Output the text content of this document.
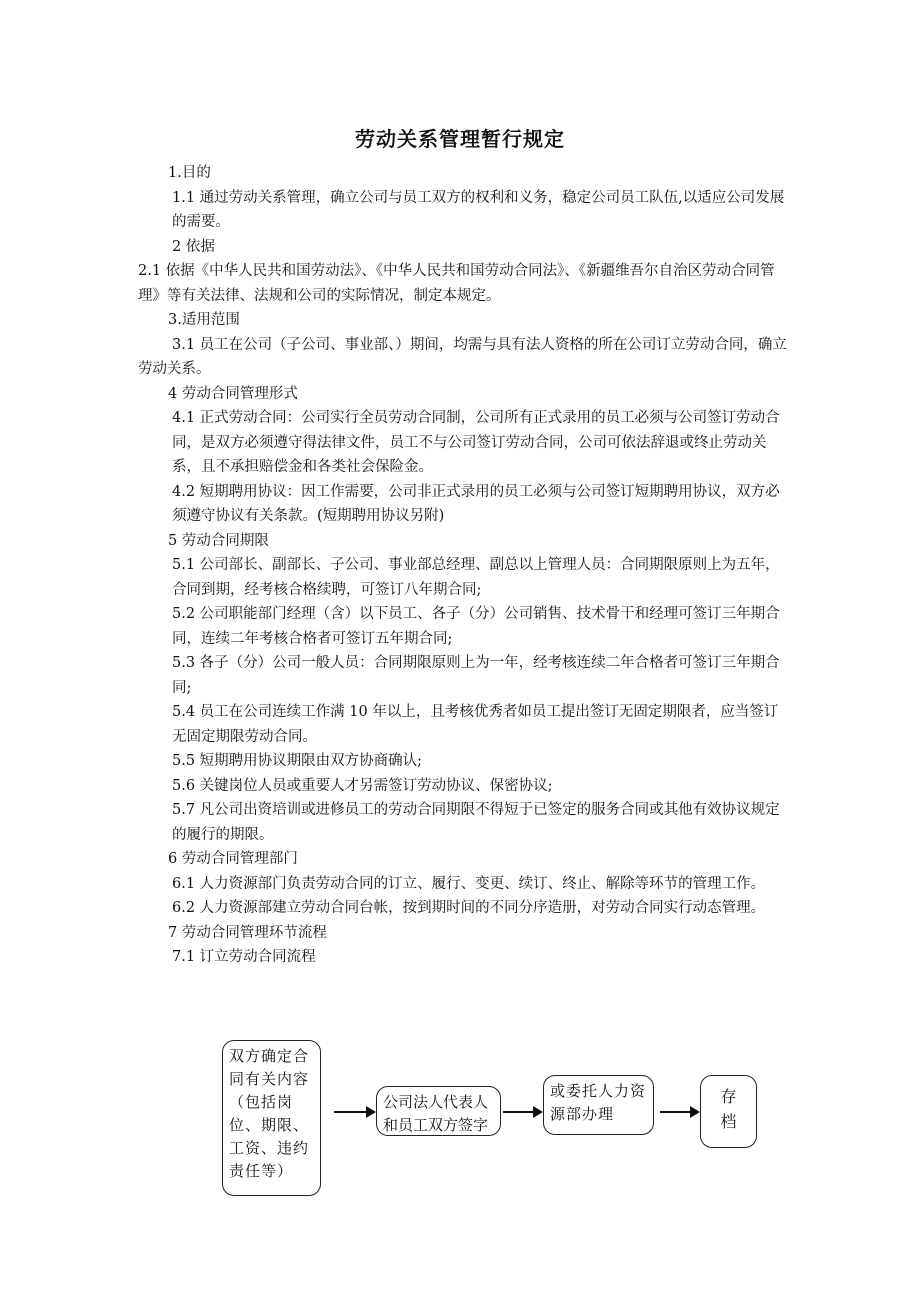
劳动关系管理暂行规定

1.目的

1.1 通过劳动关系管理，确立公司与员工双方的权利和义务，稳定公司员工队伍,以适应公司发展的需要。

2 依据

2.1 依据《中华人民共和国劳动法》、《中华人民共和国劳动合同法》、《新疆维吾尔自治区劳动合同管理》等有关法律、法规和公司的实际情况，制定本规定。

3.适用范围

3.1 员工在公司（子公司、事业部、）期间，均需与具有法人资格的所在公司订立劳动合同，确立劳动关系。

4 劳动合同管理形式

4.1 正式劳动合同：公司实行全员劳动合同制，公司所有正式录用的员工必须与公司签订劳动合同，是双方必须遵守得法律文件，员工不与公司签订劳动合同，公司可依法辞退或终止劳动关系，且不承担赔偿金和各类社会保险金。

4.2 短期聘用协议：因工作需要，公司非正式录用的员工必须与公司签订短期聘用协议，双方必须遵守协议有关条款。(短期聘用协议另附)

5 劳动合同期限

5.1 公司部长、副部长、子公司、事业部总经理、副总以上管理人员：合同期限原则上为五年，合同到期，经考核合格续聘，可签订八年期合同;

5.2 公司职能部门经理（含）以下员工、各子（分）公司销售、技术骨干和经理可签订三年期合同，连续二年考核合格者可签订五年期合同;

5.3 各子（分）公司一般人员：合同期限原则上为一年，经考核连续二年合格者可签订三年期合同;

5.4 员工在公司连续工作满 10 年以上，且考核优秀者如员工提出签订无固定期限者，应当签订无固定期限劳动合同。

5.5 短期聘用协议期限由双方协商确认;

5.6 关键岗位人员或重要人才另需签订劳动协议、保密协议;

5.7 凡公司出资培训或进修员工的劳动合同期限不得短于已签定的服务合同或其他有效协议规定的履行的期限。

6 劳动合同管理部门

6.1 人力资源部门负责劳动合同的订立、履行、变更、续订、终止、解除等环节的管理工作。

6.2 人力资源部建立劳动合同台帐，按到期时间的不同分序造册，对劳动合同实行动态管理。

7 劳动合同管理环节流程

7.1 订立劳动合同流程

双方确定合同有关内容（包括岗位、期限、工资、违约责任等）
公司法人代表人和员工双方签字
或委托人力资源部办理
存档
